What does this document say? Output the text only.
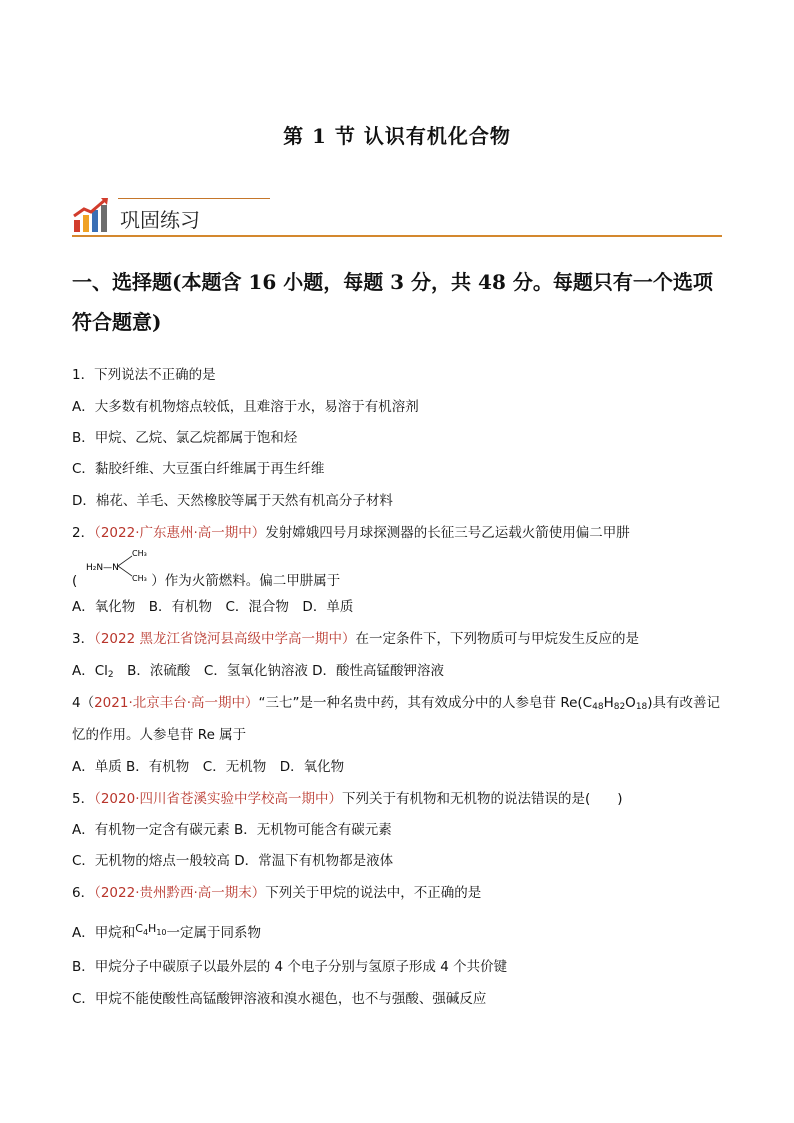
第 1 节 认识有机化合物
巩固练习
一、选择题(本题含 16 小题，每题 3 分，共 48 分。每题只有一个选项符合题意)
1．下列说法不正确的是
A．大多数有机物熔点较低，且难溶于水，易溶于有机溶剂
B．甲烷、乙烷、氯乙烷都属于饱和烃
C．黏胶纤维、大豆蛋白纤维属于再生纤维
D．棉花、羊毛、天然橡胶等属于天然有机高分子材料
2．（2022·广东惠州·高一期中）发射嫦娥四号月球探测器的长征三号乙运载火箭使用偏二甲肼
H₂N—N
CH₃
CH₃
(	）作为火箭燃料。偏二甲肼属于
A．氧化物　B．有机物　C．混合物　D．单质
3．（2022 黑龙江省饶河县高级中学高一期中）在一定条件下，下列物质可与甲烷发生反应的是
A．Cl2　B．浓硫酸　C．氢氧化钠溶液 D．酸性高锰酸钾溶液
4（2021·北京丰台·高一期中）“三七”是一种名贵中药，其有效成分中的人参皂苷 Re(C48H82O18)具有改善记
忆的作用。人参皂苷 Re 属于
A．单质 B．有机物　C．无机物　D．氧化物
5．（2020·四川省苍溪实验中学校高一期中）下列关于有机物和无机物的说法错误的是(　　)
A．有机物一定含有碳元素 B．无机物可能含有碳元素
C．无机物的熔点一般较高 D．常温下有机物都是液体
6．（2022·贵州黔西·高一期末）下列关于甲烷的说法中，不正确的是
A．甲烷和$^{C_4H_{10}}$一定属于同系物
B．甲烷分子中碳原子以最外层的 4 个电子分别与氢原子形成 4 个共价键
C．甲烷不能使酸性高锰酸钾溶液和溴水褪色，也不与强酸、强碱反应
